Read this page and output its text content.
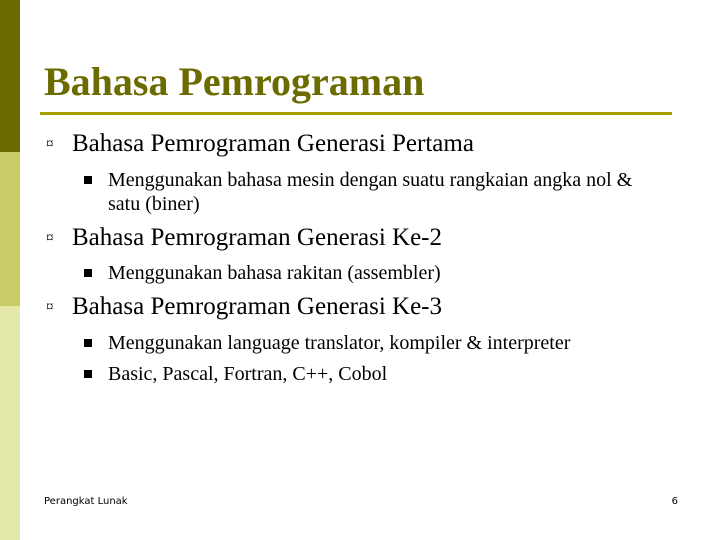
Bahasa Pemrograman
¤ Bahasa Pemrograman Generasi Pertama
Menggunakan bahasa mesin dengan suatu rangkaian angka nol & satu (biner)
¤ Bahasa Pemrograman Generasi Ke-2
Menggunakan bahasa rakitan (assembler)
¤ Bahasa Pemrograman Generasi Ke-3
Menggunakan language translator, kompiler & interpreter
Basic, Pascal, Fortran, C++, Cobol
Perangkat Lunak	6
